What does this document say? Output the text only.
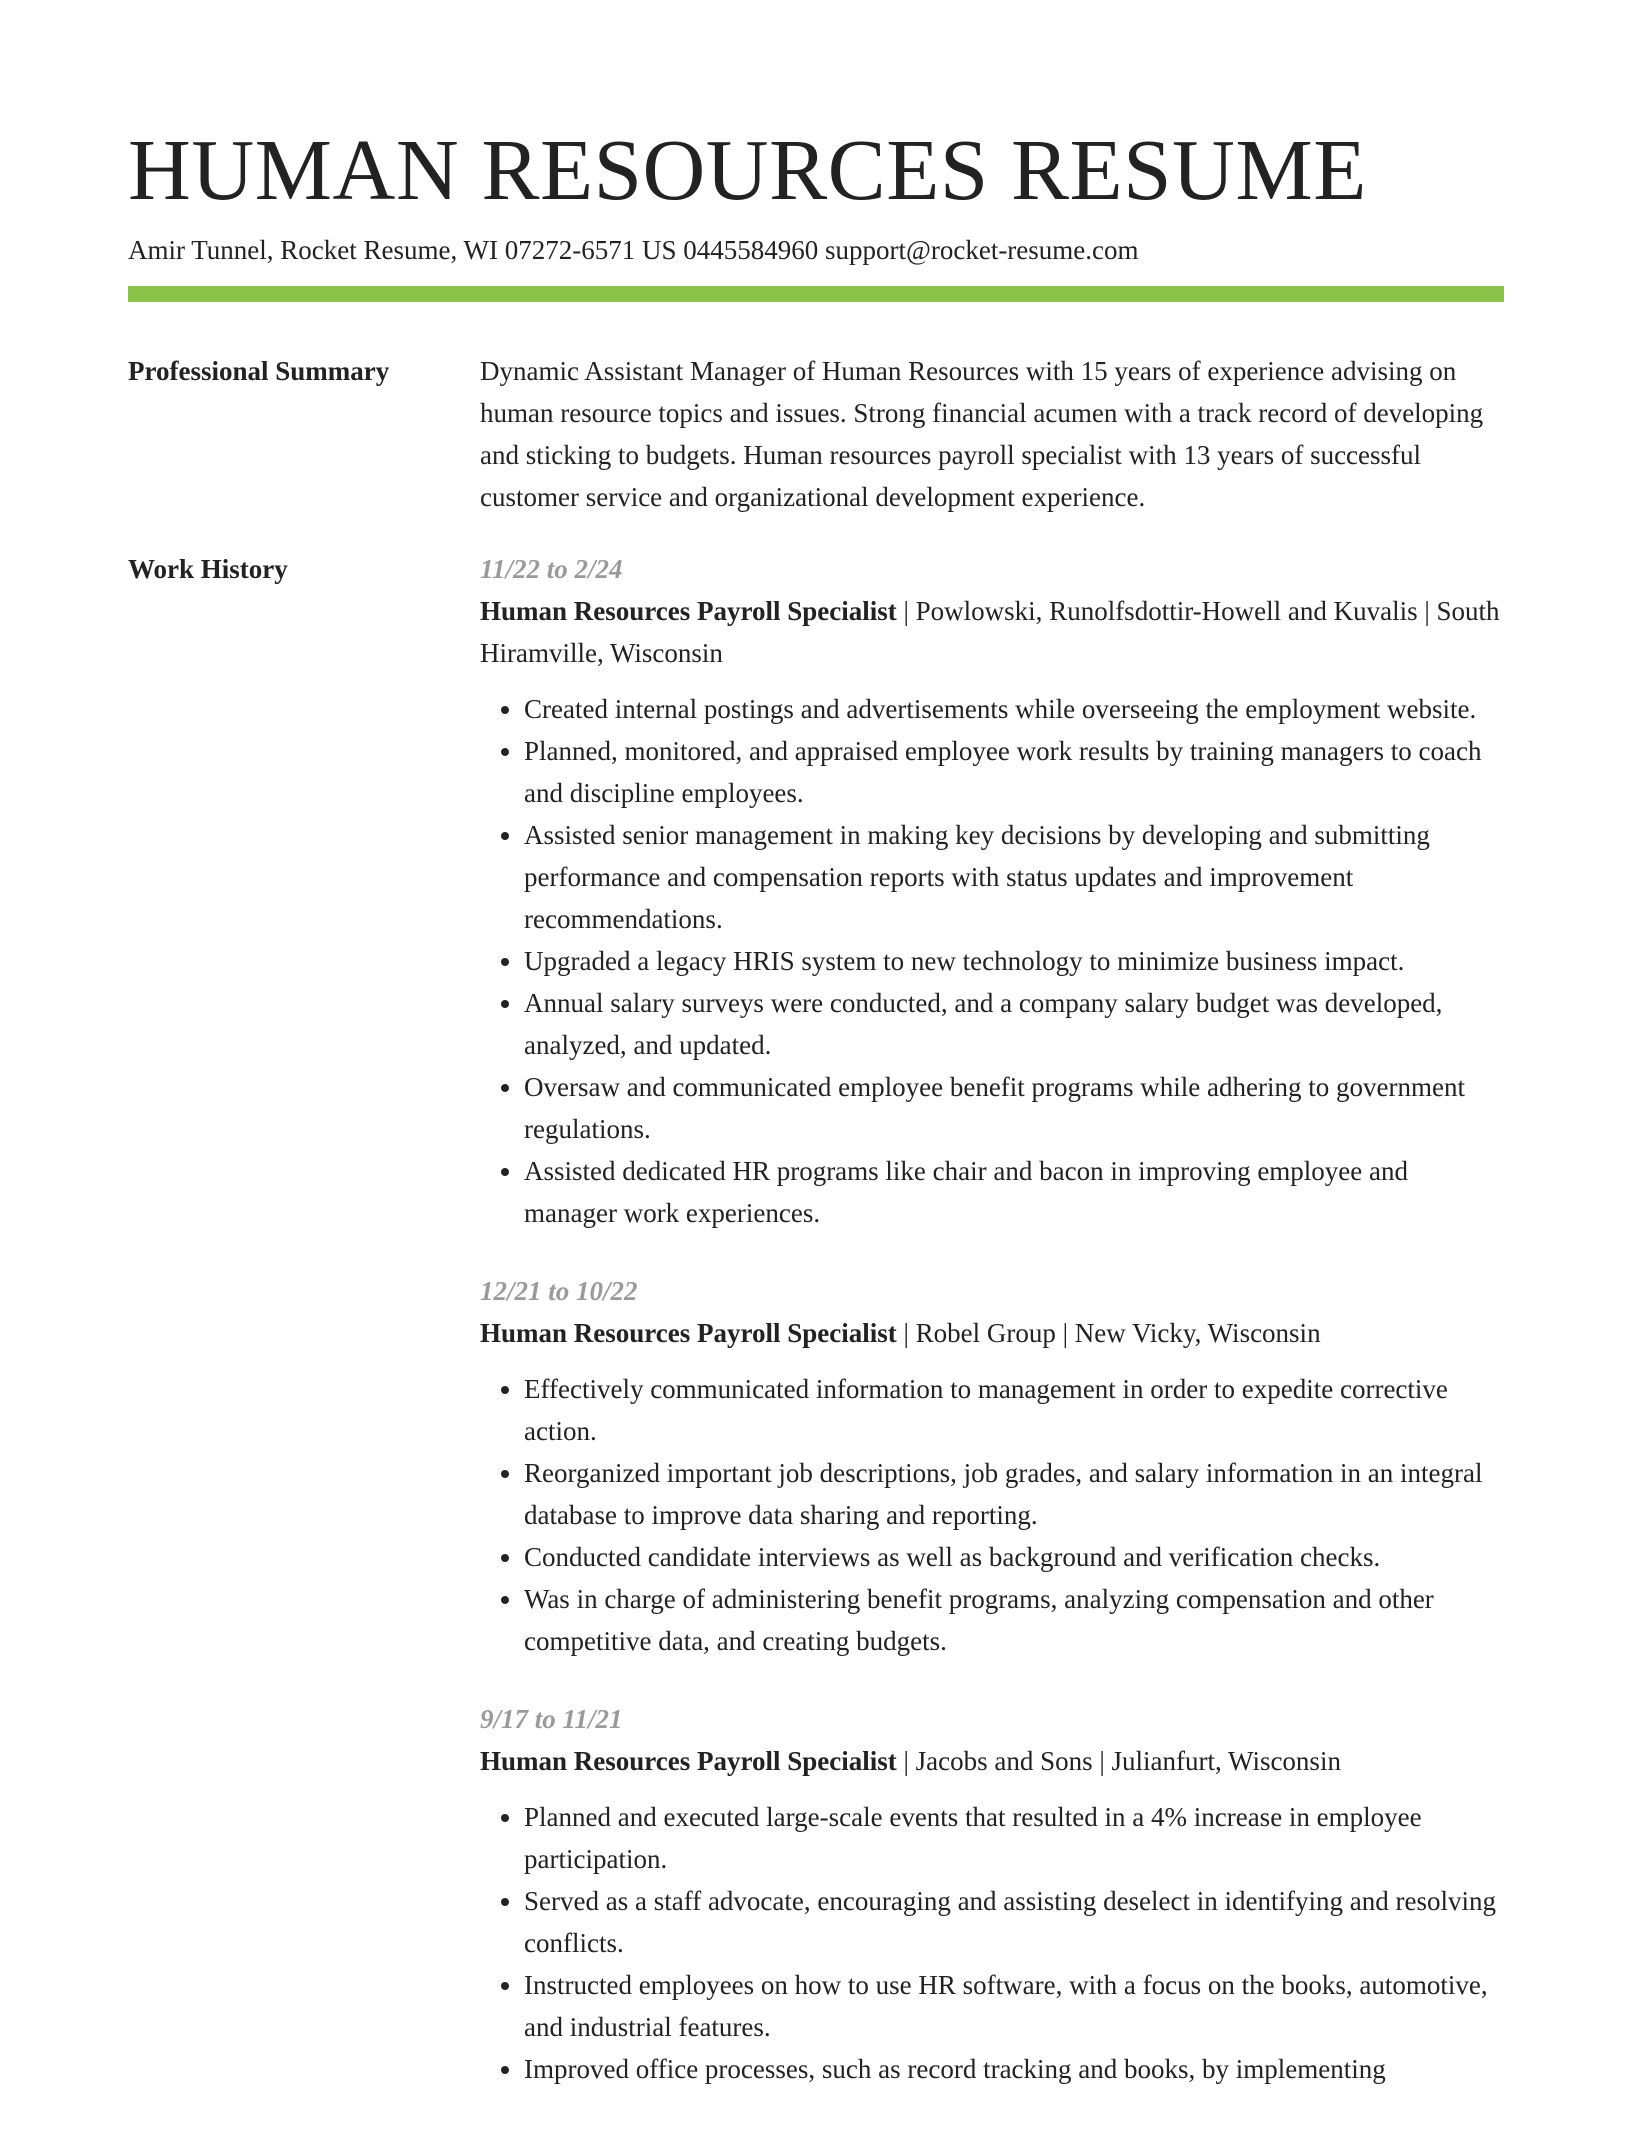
HUMAN RESOURCES RESUME
Amir Tunnel, Rocket Resume, WI 07272-6571 US 0445584960 support@rocket-resume.com
Professional Summary	Dynamic Assistant Manager of Human Resources with 15 years of experience advising on human resource topics and issues. Strong financial acumen with a track record of developing and sticking to budgets. Human resources payroll specialist with 13 years of successful customer service and organizational development experience.

Work History	11/22 to 2/24

Human Resources Payroll Specialist | Powlowski, Runolfsdottir-Howell and Kuvalis | South Hiramville, Wisconsin

• Created internal postings and advertisements while overseeing the employment website.
• Planned, monitored, and appraised employee work results by training managers to coach and discipline employees.
• Assisted senior management in making key decisions by developing and submitting performance and compensation reports with status updates and improvement recommendations.
• Upgraded a legacy HRIS system to new technology to minimize business impact.
• Annual salary surveys were conducted, and a company salary budget was developed, analyzed, and updated.
• Oversaw and communicated employee benefit programs while adhering to government regulations.
• Assisted dedicated HR programs like chair and bacon in improving employee and manager work experiences.
12/21 to 10/22

Human Resources Payroll Specialist | Robel Group | New Vicky, Wisconsin

• Effectively communicated information to management in order to expedite corrective action.
• Reorganized important job descriptions, job grades, and salary information in an integral database to improve data sharing and reporting.
• Conducted candidate interviews as well as background and verification checks.
• Was in charge of administering benefit programs, analyzing compensation and other competitive data, and creating budgets.
9/17 to 11/21

Human Resources Payroll Specialist | Jacobs and Sons | Julianfurt, Wisconsin

• Planned and executed large-scale events that resulted in a 4% increase in employee participation.
• Served as a staff advocate, encouraging and assisting deselect in identifying and resolving conflicts.
• Instructed employees on how to use HR software, with a focus on the books, automotive, and industrial features.
• Improved office processes, such as record tracking and books, by implementing
